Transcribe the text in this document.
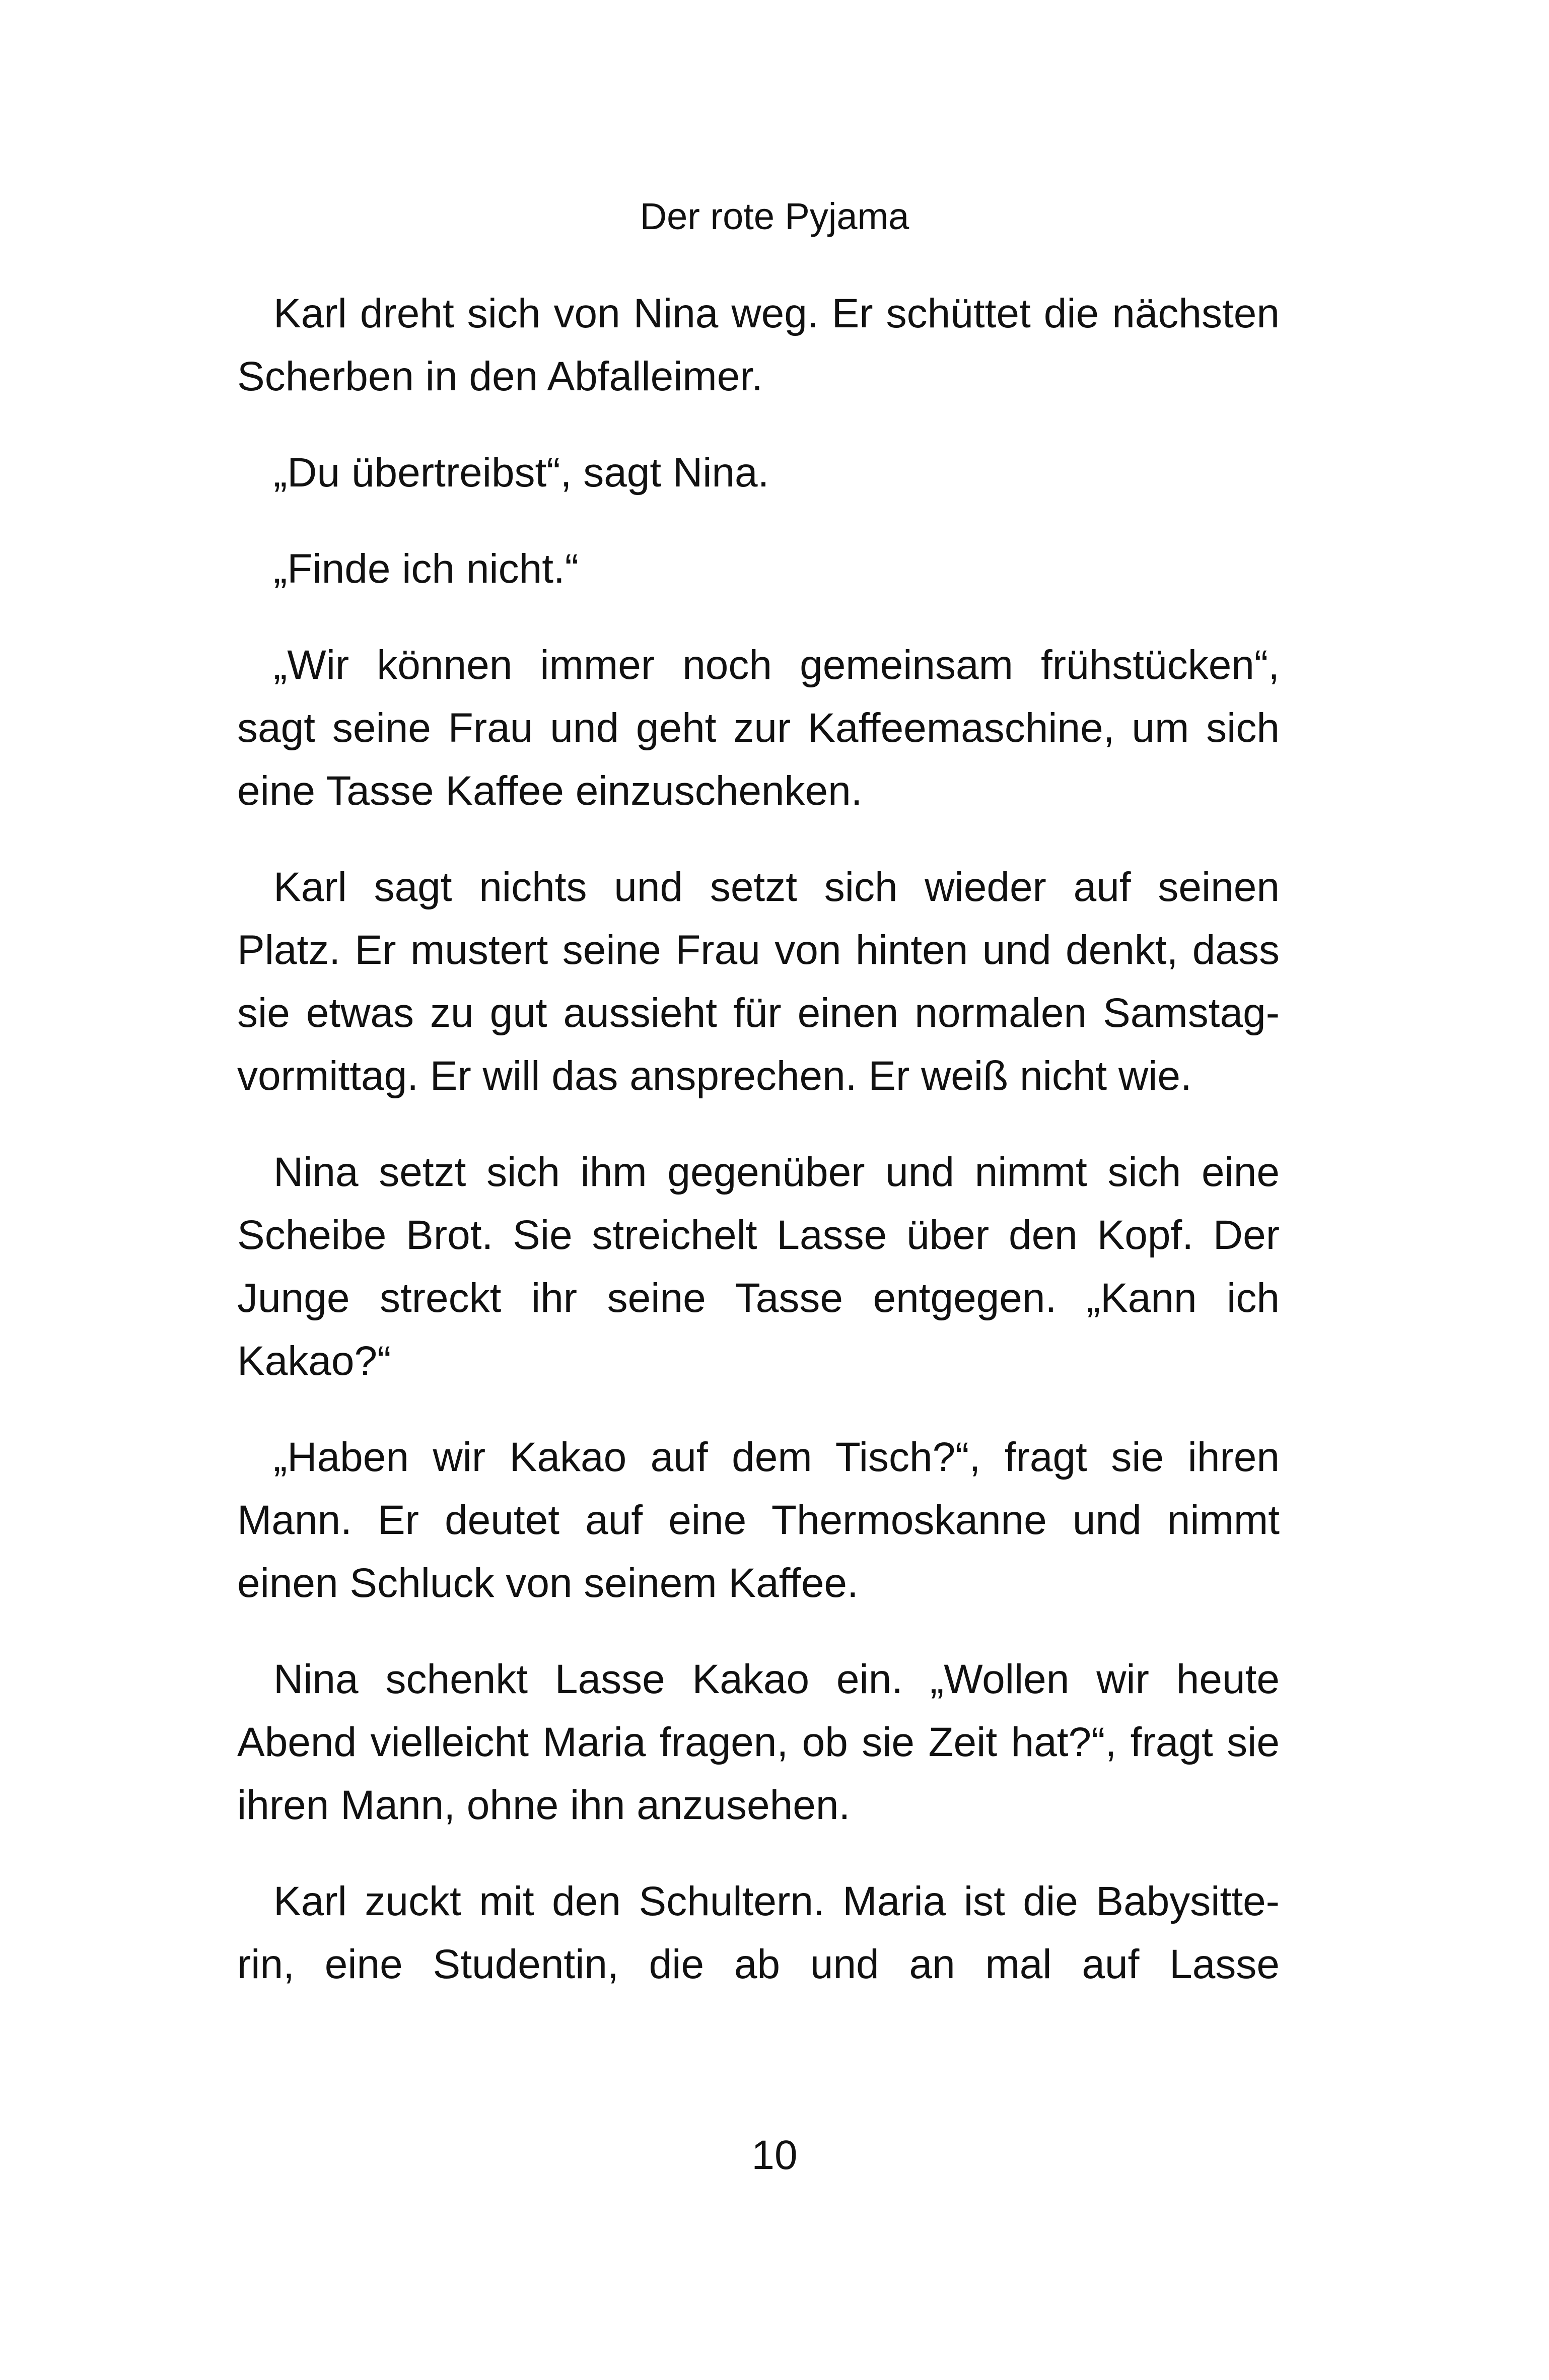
Der rote Pyjama
Karl dreht sich von Nina weg. Er schüttet die nächsten
Scherben in den Abfalleimer.
„Du übertreibst“, sagt Nina.
„Finde ich nicht.“
„Wir können immer noch gemeinsam frühstücken“,
sagt seine Frau und geht zur Kaffeemaschine, um sich
eine Tasse Kaffee einzuschenken.
Karl sagt nichts und setzt sich wieder auf seinen
Platz. Er mustert seine Frau von hinten und denkt, dass
sie etwas zu gut aussieht für einen normalen Samstag-
vormittag. Er will das ansprechen. Er weiß nicht wie.
Nina setzt sich ihm gegenüber und nimmt sich eine
Scheibe Brot. Sie streichelt Lasse über den Kopf. Der
Junge streckt ihr seine Tasse entgegen. „Kann ich
Kakao?“
„Haben wir Kakao auf dem Tisch?“, fragt sie ihren
Mann. Er deutet auf eine Thermoskanne und nimmt
einen Schluck von seinem Kaffee.
Nina schenkt Lasse Kakao ein. „Wollen wir heute
Abend vielleicht Maria fragen, ob sie Zeit hat?“, fragt sie
ihren Mann, ohne ihn anzusehen.
Karl zuckt mit den Schultern. Maria ist die Babysitte-
rin, eine Studentin, die ab und an mal auf Lasse
10
